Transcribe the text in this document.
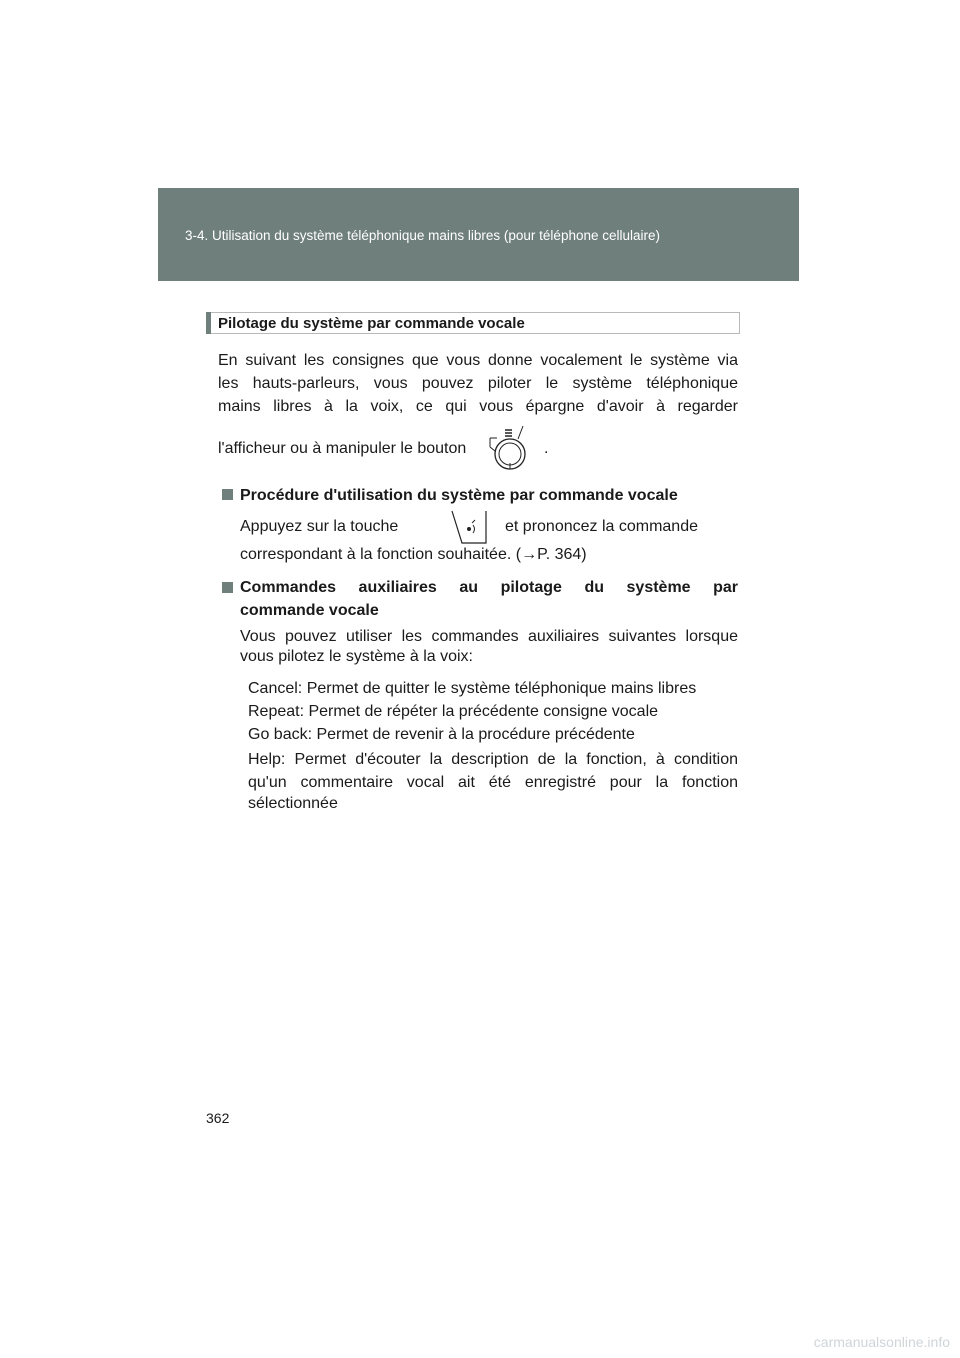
3-4. Utilisation du système téléphonique mains libres (pour téléphone cellulaire)
Pilotage du système par commande vocale

En suivant les consignes que vous donne vocalement le système via

les hauts-parleurs, vous pouvez piloter le système téléphonique

mains libres à la voix, ce qui vous épargne d'avoir à regarder

l'afficheur ou à manipuler le bouton	.
Procédure d'utilisation du système par commande vocale
Appuyez sur la touche	et prononcez la commande
correspondant à la fonction souhaitée. (→P. 364)

Commandes auxiliaires au pilotage du système par

commande vocale

Vous pouvez utiliser les commandes auxiliaires suivantes lorsque

vous pilotez le système à la voix:
Cancel: Permet de quitter le système téléphonique mains libres
Repeat: Permet de répéter la précédente consigne vocale
Go back: Permet de revenir à la procédure précédente

Help: Permet d'écouter la description de la fonction, à condition

qu'un commentaire vocal ait été enregistré pour la fonction

sélectionnée
362
carmanualsonline.info
